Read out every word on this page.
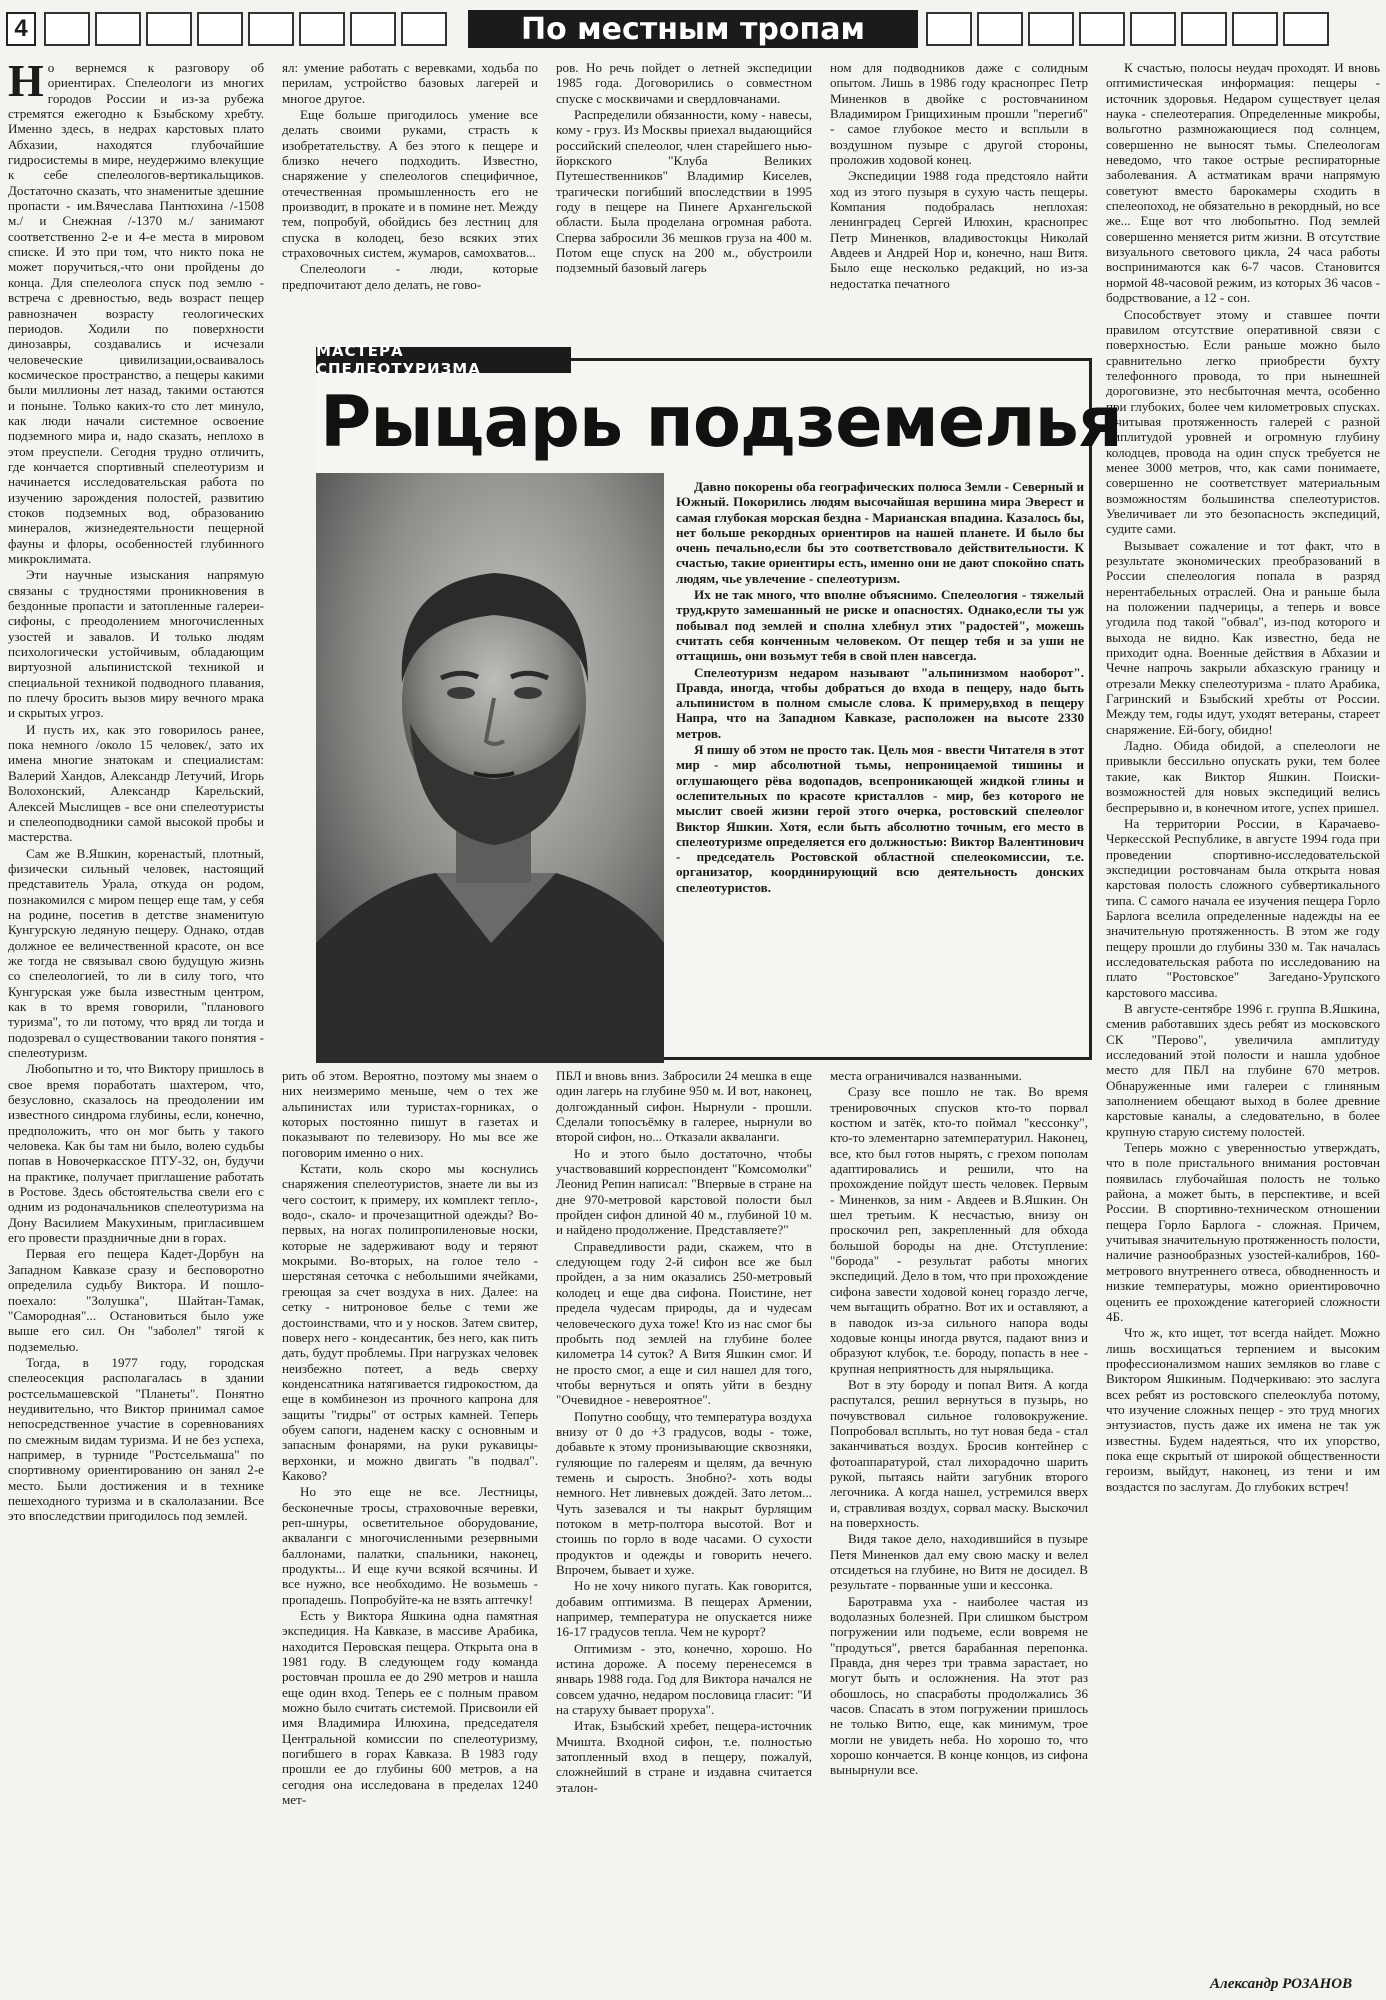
4	По местным тропам

Но вернемся к разговору об ориентирах. Спелеологи из многих городов России и из-за рубежа стремятся ежегодно к Бзыбскому хребту. Именно здесь, в недрах карстовых плато Абхазии, находятся глубочайшие гидросистемы в мире, неудержимо влекущие к себе спелеологов-вертикальщиков. Достаточно сказать, что знаменитые здешние пропасти - им.Вячеслава Пантюхина /-1508 м./ и Снежная /-1370 м./ занимают соответственно 2-е и 4-е места в мировом списке. И это при том, что никто пока не может поручиться,-что они пройдены до конца. Для спелеолога спуск под землю - встреча с древностью, ведь возраст пещер равнозначен возрасту геологических периодов. Ходили по поверхности динозавры, создавались и исчезали человеческие цивилизации,осваивалось космическое пространство, а пещеры какими были миллионы лет назад, такими остаются и поныне. Только каких-то сто лет минуло, как люди начали системное освоение подземного мира и, надо сказать, неплохо в этом преуспели. Сегодня трудно отличить, где кончается спортивный спелеотуризм и начинается исследовательская работа по изучению зарождения полостей, развитию стоков подземных вод, образованию минералов, жизнедеятельности пещерной фауны и флоры, особенностей глубинного микроклимата.

Эти научные изыскания напрямую связаны с трудностями проникновения в бездонные пропасти и затопленные галереи-сифоны, с преодолением многочисленных узостей и завалов. И только людям психологически устойчивым, обладающим виртуозной альпинистской техникой и специальной техникой подводного плавания, по плечу бросить вызов миру вечного мрака и скрытых угроз.

И пусть их, как это говорилось ранее, пока немного /около 15 человек/, зато их имена многие знатокам и специалистам: Валерий Хандов, Александр Летучий, Игорь Волохонский, Александр Карельский, Алексей Мыслищев - все они спелеотуристы и спелеоподводники самой высокой пробы и мастерства.

Сам же В.Яшкин, коренастый, плотный, физически сильный человек, настоящий представитель Урала, откуда он родом, познакомился с миром пещер еще там, у себя на родине, посетив в детстве знаменитую Кунгурскую ледяную пещеру. Однако, отдав должное ее величественной красоте, он все же тогда не связывал свою будущую жизнь со спелеологией, то ли в силу того, что Кунгурская уже была известным центром, как в то время говорили, "планового туризма", то ли потому, что вряд ли тогда и подозревал о существовании такого понятия - спелеотуризм.

Любопытно и то, что Виктору пришлось в свое время поработать шахтером, что, безусловно, сказалось на преодолении им известного синдрома глубины, если, конечно, предположить, что он мог быть у такого человека. Как бы там ни было, волею судьбы попав в Новочеркасское ПТУ-32, он, будучи на практике, получает приглашение работать в Ростове. Здесь обстоятельства свели его с одним из родоначальников спелеотуризма на Дону Василием Макухиным, пригласившем его провести праздничные дни в горах.

Первая его пещера Кадет-Дорбун на Западном Кавказе сразу и бесповоротно определила судьбу Виктора. И пошло-поехало: "Золушка", Шайтан-Тамак, "Самородная"... Остановиться было уже выше его сил. Он "заболел" тягой к подземелью.

Тогда, в 1977 году, городская спелеосекция располагалась в здании ростсельмашевской "Планеты". Понятно неудивительно, что Виктор принимал самое непосредственное участие в соревнованиях по смежным видам туризма. И не без успеха, например, в турниде "Ростсельмаша" по спортивному ориентированию он занял 2-е место. Были достижения и в технике пешеходного туризма и в скалолазании. Все это впоследствии пригодилось под землей.

ял: умение работать с веревками, ходьба по перилам, устройство базовых лагерей и многое другое.

Еще больше пригодилось умение все делать своими руками, страсть к изобретательству. А без этого к пещере и близко нечего подходить. Известно, снаряжение у спелеологов специфичное, отечественная промышленность его не производит, в прокате и в помине нет. Между тем, попробуй, обойдись без лестниц для спуска в колодец, безо всяких этих страховочных систем, жумаров, самохватов...

Спелеологи - люди, которые предпочитают дело делать, не гово-

ров. Но речь пойдет о летней экспедиции 1985 года. Договорились о совместном спуске с москвичами и свердловчанами.

Распределили обязанности, кому - навесы, кому - груз. Из Москвы приехал выдающийся российский спелеолог, член старейшего нью-йоркского "Клуба Великих Путешественников" Владимир Киселев, трагически погибший впоследствии в 1995 году в пещере на Пинеге Архангельской области. Была проделана огромная работа. Сперва забросили 36 мешков груза на 400 м. Потом еще спуск на 200 м., обустроили подземный базовый лагерь

ном для подводников даже с солидным опытом. Лишь в 1986 году краснопрес Петр Миненков в двойке с ростовчанином Владимиром Грищихиным прошли "перегиб" - самое глубокое место и всплыли в воздушном пузыре с другой стороны, проложив ходовой конец.

Экспедиции 1988 года предстояло найти ход из этого пузыря в сухую часть пещеры. Компания подобралась неплохая: ленинградец Сергей Илюхин, краснопрес Петр Миненков, владивостокцы Николай Авдеев и Андрей Нор и, конечно, наш Витя. Было еще несколько редакций, но из-за недостатка печатного

К счастью, полосы неудач проходят. И вновь оптимистическая информация: пещеры - источник здоровья. Недаром существует целая наука - спелеотерапия. Определенные микробы, вольготно размножающиеся под солнцем, совершенно не выносят тьмы. Спелеологам неведомо, что такое острые респираторные заболевания. А астматикам врачи напрямую советуют вместо барокамеры сходить в спелеопоход, не обязательно в рекордный, но все же... Еще вот что любопытно. Под землей совершенно меняется ритм жизни. В отсутствие визуального светового цикла, 24 часа работы воспринимаются как 6-7 часов. Становится нормой 48-часовой режим, из которых 36 часов - бодрствование, а 12 - сон.

Способствует этому и ставшее почти правилом отсутствие оперативной связи с поверхностью. Если раньше можно было сравнительно легко приобрести бухту телефонного провода, то при нынешней дороговизне, это несбыточная мечта, особенно при глубоких, более чем километровых спусках. Учитывая протяженность галерей с разной амплитудой уровней и огромную глубину колодцев, провода на один спуск требуется не менее 3000 метров, что, как сами понимаете, совершенно не соответствует материальным возможностям большинства спелеотуристов. Увеличивает ли это безопасность экспедиций, судите сами.

Вызывает сожаление и тот факт, что в результате экономических преобразований в России спелеология попала в разряд нерентабельных отраслей. Она и раньше была на положении падчерицы, а теперь и вовсе угодила под такой "обвал", из-под которого и выхода не видно. Как известно, беда не приходит одна. Военные действия в Абхазии и Чечне напрочь закрыли абхазскую границу и отрезали Мекку спелеотуризма - плато Арабика, Гагринский и Бзыбский хребты от России. Между тем, годы идут, уходят ветераны, стареет снаряжение. Ей-богу, обидно!

Ладно. Обида обидой, а спелеологи не привыкли бессильно опускать руки, тем более такие, как Виктор Яшкин. Поиски-возможностей для новых экспедиций велись беспрерывно и, в конечном итоге, успех пришел.

На территории России, в Карачаево-Черкесской Республике, в августе 1994 года при проведении спортивно-исследовательской экспедиции ростовчанам была открыта новая карстовая полость сложного субвертикального типа. С самого начала ее изучения пещера Горло Барлога вселила определенные надежды на ее значительную протяженность. В этом же году пещеру прошли до глубины 330 м. Так началась исследовательская работа по исследованию на плато "Ростовское" Загедано-Урупского карстового массива.

В августе-сентябре 1996 г. группа В.Яшкина, сменив работавших здесь ребят из московского СК "Перово", увеличила амплитуду исследований этой полости и нашла удобное место для ПБЛ на глубине 670 метров. Обнаруженные ими галереи с глиняным заполнением обещают выход в более древние карстовые каналы, а следовательно, в более крупную старую систему полостей.

Теперь можно с уверенностью утверждать, что в поле пристального внимания ростовчан появилась глубочайшая полость не только района, а может быть, в перспективе, и всей России. В спортивно-техническом отношении пещера Горло Барлога - сложная. Причем, учитывая значительную протяженность полости, наличие разнообразных узостей-калибров, 160-метрового внутреннего отвеса, обводненность и низкие температуры, можно ориентировочно оценить ее прохождение категорией сложности 4Б.

Что ж, кто ищет, тот всегда найдет. Можно лишь восхищаться терпением и высоким профессионализмом наших земляков во главе с Виктором Яшкиным. Подчеркиваю: это заслуга всех ребят из ростовского спелеоклуба потому, что изучение сложных пещер - это труд многих энтузиастов, пусть даже их имена не так уж известны. Будем надеяться, что их упорство, пока еще скрытый от широкой общественности героизм, выйдут, наконец, из тени и им воздастся по заслугам. До глубоких встреч!

МАСТЕРА СПЕЛЕОТУРИЗМА
Рыцарь подземелья

Давно покорены оба географических полюса Земли - Северный и Южный. Покорились людям высочайшая вершина мира Эверест и самая глубокая морская бездна - Марианская впадина. Казалось бы, нет больше рекордных ориентиров на нашей планете. И было бы очень печально,если бы это соответствовало действительности. К счастью, такие ориентиры есть, именно они не дают спокойно спать людям, чье увлечение - спелеотуризм.

Их не так много, что вполне объяснимо. Спелеология - тяжелый труд,круто замешанный не риске и опасностях. Однако,если ты уж побывал под землей и сполна хлебнул этих "радостей", можешь считать себя конченным человеком. От пещер тебя и за уши не оттащишь, они возьмут тебя в свой плен навсегда.

Спелеотуризм недаром называют "альпинизмом наоборот". Правда, иногда, чтобы добраться до входа в пещеру, надо быть альпинистом в полном смысле слова. К примеру,вход в пещеру Напра, что на Западном Кавказе, расположен на высоте 2330 метров.

Я пишу об этом не просто так. Цель моя - ввести Читателя в этот мир - мир абсолютной тьмы, непроницаемой тишины и оглушающего рёва водопадов, всепроникающей жидкой глины и ослепительных по красоте кристаллов - мир, без которого не мыслит своей жизни герой этого очерка, ростовский спелеолог Виктор Яшкин. Хотя, если быть абсолютно точным, его место в спелеотуризме определяется его должностью: Виктор Валентинович - председатель Ростовской областной спелеокомиссии, т.е. организатор, координирующий всю деятельность донских спелеотуристов.

рить об этом. Вероятно, поэтому мы знаем о них неизмеримо меньше, чем о тех же альпинистах или туристах-горниках, о которых постоянно пишут в газетах и показывают по телевизору. Но мы все же поговорим именно о них.

Кстати, коль скоро мы коснулись снаряжения спелеотуристов, знаете ли вы из чего состоит, к примеру, их комплект тепло-, водо-, скало- и прочезащитной одежды? Во-первых, на ногах полипропиленовые носки, которые не задерживают воду и теряют мокрыми. Во-вторых, на голое тело - шерстяная сеточка с небольшими ячейками, греющая за счет воздуха в них. Далее: на сетку - нитроновое белье с теми же достоинствами, что и у носков. Затем свитер, поверх него - кондесантик, без него, как пить дать, будут проблемы. При нагрузках человек неизбежно потеет, а ведь сверху конденсатника натягивается гидрокостюм, да еще в комбинезон из прочного капрона для защиты "гидры" от острых камней. Теперь обуем сапоги, наденем каску с основным и запасным фонарями, на руки рукавицы-верхонки, и можно двигать "в подвал". Каково?

Но это еще не все. Лестницы, бесконечные тросы, страховочные веревки, реп-шнуры, осветительное оборудование, акваланги с многочисленными резервными баллонами, палатки, спальники, наконец, продукты... И еще кучи всякой всячины. И все нужно, все необходимо. Не возьмешь - пропадешь. Попробуйте-ка не взять аптечку!

Есть у Виктора Яшкина одна памятная экспедиция. На Кавказе, в массиве Арабика, находится Перовская пещера. Открыта она в 1981 году. В следующем году команда ростовчан прошла ее до 290 метров и нашла еще один вход. Теперь ее с полным правом можно было считать системой. Присвоили ей имя Владимира Илюхина, председателя Центральной комиссии по спелеотуризму, погибшего в горах Кавказа. В 1983 году прошли ее до глубины 600 метров, а на сегодня она исследована в пределах 1240 мет-

ПБЛ и вновь вниз. Забросили 24 мешка в еще один лагерь на глубине 950 м. И вот, наконец, долгожданный сифон. Нырнули - прошли. Сделали топосъёмку в галерее, нырнули во второй сифон, но... Отказали акваланги.

Но и этого было достаточно, чтобы участвовавший корреспондент "Комсомолки" Леонид Репин написал: "Впервые в стране на дне 970-метровой карстовой полости был пройден сифон длиной 40 м., глубиной 10 м. и найдено продолжение. Представляете?"

Справедливости ради, скажем, что в следующем году 2-й сифон все же был пройден, а за ним оказались 250-метровый колодец и еще два сифона. Поистине, нет предела чудесам природы, да и чудесам человеческого духа тоже! Кто из нас смог бы пробыть под землей на глубине более километра 14 суток? А Витя Яшкин смог. И не просто смог, а еще и сил нашел для того, чтобы вернуться и опять уйти в бездну "Очевидное - невероятное".

Попутно сообщу, что температура воздуха внизу от 0 до +3 градусов, воды - тоже, добавьте к этому пронизывающие сквозняки, гуляющие по галереям и щелям, да вечную темень и сырость. Знобно?- хоть воды немного. Нет ливневых дождей. Зато летом... Чуть зазевался и ты накрыт бурлящим потоком в метр-полтора высотой. Вот и стоишь по горло в воде часами. О сухости продуктов и одежды и говорить нечего. Впрочем, бывает и хуже.

Но не хочу никого пугать. Как говорится, добавим оптимизма. В пещерах Армении, например, температура не опускается ниже 16-17 градусов тепла. Чем не курорт?

Оптимизм - это, конечно, хорошо. Но истина дороже. А посему перенесемся в январь 1988 года. Год для Виктора начался не совсем удачно, недаром пословица гласит: "И на старуху бывает проруха".

Итак, Бзыбский хребет, пещера-источник Мчишта. Входной сифон, т.е. полностью затопленный вход в пещеру, пожалуй, сложнейший в стране и издавна считается эталон-

места ограничивался названными.

Сразу все пошло не так. Во время тренировочных спусков кто-то порвал костюм и затёк, кто-то поймал "кессонку", кто-то элементарно затемпературил. Наконец, все, кто был готов нырять, с грехом пополам адаптировались и решили, что на прохождение пойдут шесть человек. Первым - Миненков, за ним - Авдеев и В.Яшкин. Он шел третьим. К несчастью, внизу он проскочил реп, закрепленный для обхода большой бороды на дне. Отступление: "борода" - результат работы многих экспедиций. Дело в том, что при прохождение сифона завести ходовой конец гораздо легче, чем вытащить обратно. Вот их и оставляют, а в паводок из-за сильного напора воды ходовые концы иногда рвутся, падают вниз и образуют клубок, т.е. бороду, попасть в нее - крупная неприятность для ныряльщика.

Вот в эту бороду и попал Витя. А когда распутался, решил вернуться в пузырь, но почувствовал сильное головокружение. Попробовал всплыть, но тут новая беда - стал заканчиваться воздух. Бросив контейнер с фотоаппаратурой, стал лихорадочно шарить рукой, пытаясь найти загубник второго легочника. А когда нашел, устремился вверх и, стравливая воздух, сорвал маску. Выскочил на поверхность.

Видя такое дело, находившийся в пузыре Петя Миненков дал ему свою маску и велел отсидеться на глубине, но Витя не досидел. В результате - порванные уши и кессонка.

Баротравма уха - наиболее частая из водолазных болезней. При слишком быстром погружении или подъеме, если вовремя не "продуться", рвется барабанная перепонка. Правда, дня через три травма зарастает, но могут быть и осложнения. На этот раз обошлось, но спасработы продолжались 36 часов. Спасать в этом погружении пришлось не только Витю, еще, как минимум, трое могли не увидеть неба. Но хорошо то, что хорошо кончается. В конце концов, из сифона вынырнули все.

Александр РОЗАНОВ
